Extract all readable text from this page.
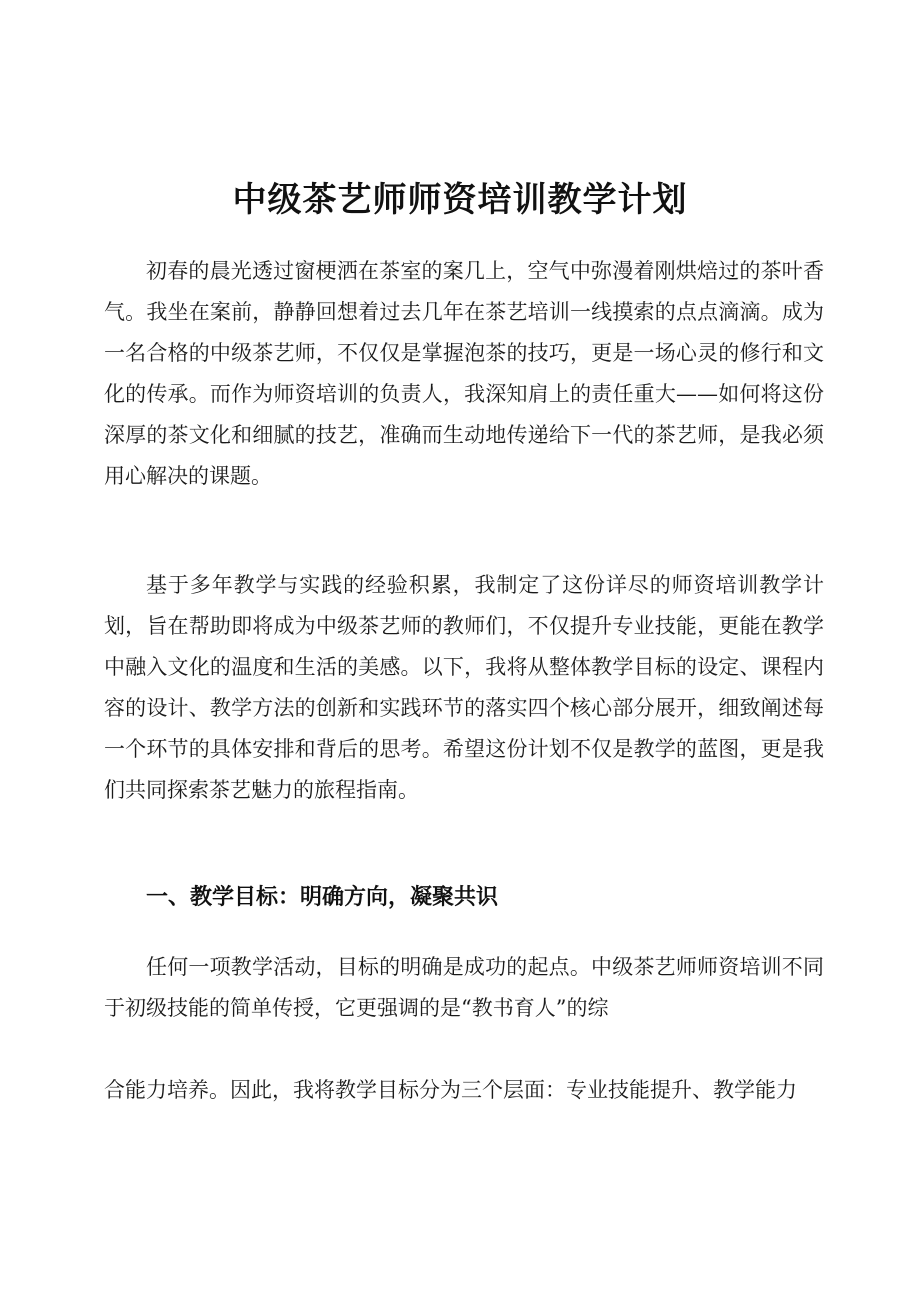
中级茶艺师师资培训教学计划

初春的晨光透过窗梗洒在茶室的案几上，空气中弥漫着刚烘焙过的茶叶香气。我坐在案前，静静回想着过去几年在茶艺培训一线摸索的点点滴滴。成为一名合格的中级茶艺师，不仅仅是掌握泡茶的技巧，更是一场心灵的修行和文化的传承。而作为师资培训的负责人，我深知肩上的责任重大——如何将这份深厚的茶文化和细腻的技艺，准确而生动地传递给下一代的茶艺师，是我必须用心解决的课题。

基于多年教学与实践的经验积累，我制定了这份详尽的师资培训教学计划，旨在帮助即将成为中级茶艺师的教师们，不仅提升专业技能，更能在教学中融入文化的温度和生活的美感。以下，我将从整体教学目标的设定、课程内容的设计、教学方法的创新和实践环节的落实四个核心部分展开，细致阐述每一个环节的具体安排和背后的思考。希望这份计划不仅是教学的蓝图，更是我们共同探索茶艺魅力的旅程指南。

一、教学目标：明确方向，凝聚共识

任何一项教学活动，目标的明确是成功的起点。中级茶艺师师资培训不同于初级技能的简单传授，它更强调的是“教书育人”的综

合能力培养。因此，我将教学目标分为三个层面：专业技能提升、教学能力
